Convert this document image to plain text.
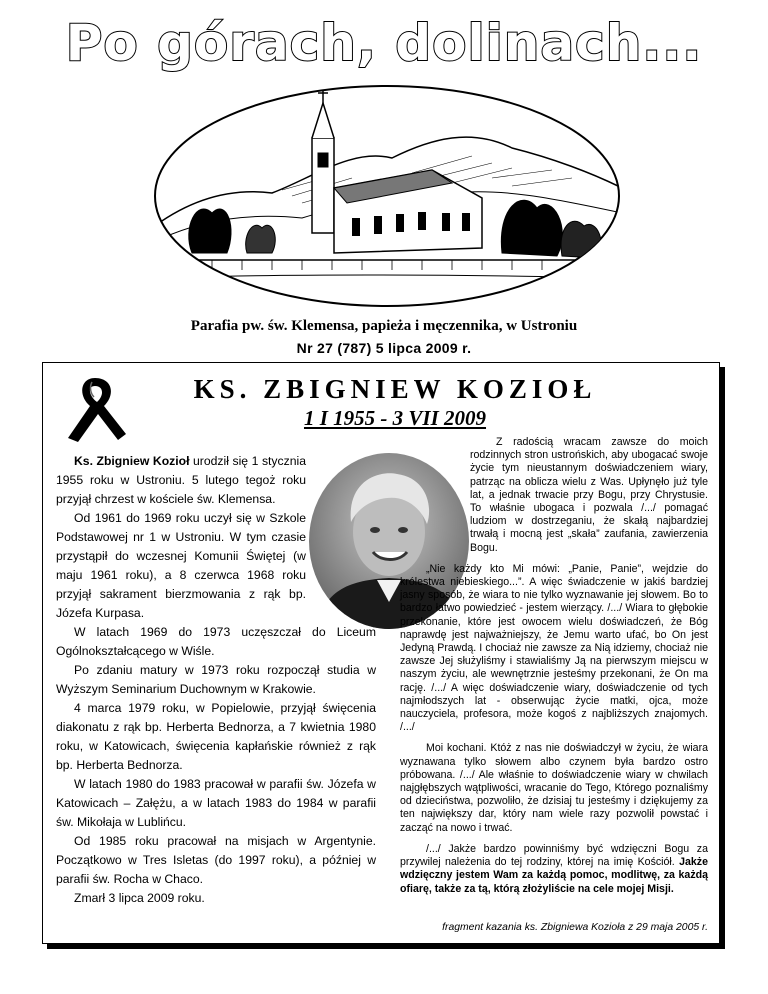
Po górach, dolinach...
Parafia pw. św. Klemensa, papieża i męczennika, w Ustroniu
Nr 27 (787) 5 lipca 2009 r.
KS. ZBIGNIEW KOZIOŁ
1 I 1955 - 3 VII 2009

Ks. Zbigniew Kozioł urodził się 1 stycznia 1955 roku w Ustroniu. 5 lutego tegoż roku przyjął chrzest w kościele św. Klemensa.

Od 1961 do 1969 roku uczył się w Szkole Podstawowej nr 1 w Ustroniu. W tym czasie przystąpił do wczesnej Komunii Świętej (w maju 1961 roku), a 8 czerwca 1968 roku przyjął sakrament bierzmowania z rąk bp. Józefa Kurpasa.

W latach 1969 do 1973 uczęszczał do Liceum Ogólnokształcącego w Wiśle.

Po zdaniu matury w 1973 roku rozpoczął studia w Wyższym Seminarium Duchownym w Krakowie.

4 marca 1979 roku, w Popielowie, przyjął święcenia diakonatu z rąk bp. Herberta Bednorza, a 7 kwietnia 1980 roku, w Katowicach, święcenia kapłańskie również z rąk bp. Herberta Bednorza.

W latach 1980 do 1983 pracował w parafii św. Józefa w Katowicach – Załężu, a w latach 1983 do 1984 w parafii św. Mikołaja w Lublińcu.

Od 1985 roku pracował na misjach w Argentynie. Początkowo w Tres Isletas (do 1997 roku), a później w parafii św. Rocha w Chaco.

Zmarł 3 lipca 2009 roku.

Z radością wracam zawsze do moich rodzinnych stron ustrońskich, aby ubogacać swoje życie tym nieustannym doświadczeniem wiary, patrząc na oblicza wielu z Was. Upłynęło już tyle lat, a jednak trwacie przy Bogu, przy Chrystusie. To właśnie ubogaca i pozwala /.../ pomagać ludziom w dostrzeganiu, że skałą najbardziej trwałą i mocną jest „skała” zaufania, zawierzenia Bogu.

„Nie każdy kto Mi mówi: „Panie, Panie”, wejdzie do królestwa niebieskiego...”. A więc świadczenie w jakiś bardziej jasny sposób, że wiara to nie tylko wyznawanie jej słowem. Bo to bardzo łatwo powiedzieć - jestem wierzący. /.../ Wiara to głębokie przekonanie, które jest owocem wielu doświadczeń, że Bóg naprawdę jest najważniejszy, że Jemu warto ufać, bo On jest Jedyną Prawdą. I chociaż nie zawsze za Nią idziemy, chociaż nie zawsze Jej służyliśmy i stawialiśmy Ją na pierwszym miejscu w naszym życiu, ale wewnętrznie jesteśmy przekonani, że On ma rację. /.../ A więc doświadczenie wiary, doświadczenie od tych najmłodszych lat - obserwując życie matki, ojca, może nauczyciela, profesora, może kogoś z najbliższych znajomych. /.../

Moi kochani. Któż z nas nie doświadczył w życiu, że wiara wyznawana tylko słowem albo czynem była bardzo ostro próbowana. /.../ Ale właśnie to doświadczenie wiary w chwilach najgłębszych wątpliwości, wracanie do Tego, Którego poznaliśmy od dzieciństwa, pozwoliło, że dzisiaj tu jesteśmy i dziękujemy za ten największy dar, który nam wiele razy pozwolił powstać i zacząć na nowo i trwać.

/.../ Jakże bardzo powinniśmy być wdzięczni Bogu za przywilej należenia do tej rodziny, której na imię Kościół. Jakże wdzięczny jestem Wam za każdą pomoc, modlitwę, za każdą ofiarę, także za tą, którą złożyliście na cele mojej Misji.

fragment kazania ks. Zbigniewa Kozioła z 29 maja 2005 r.
